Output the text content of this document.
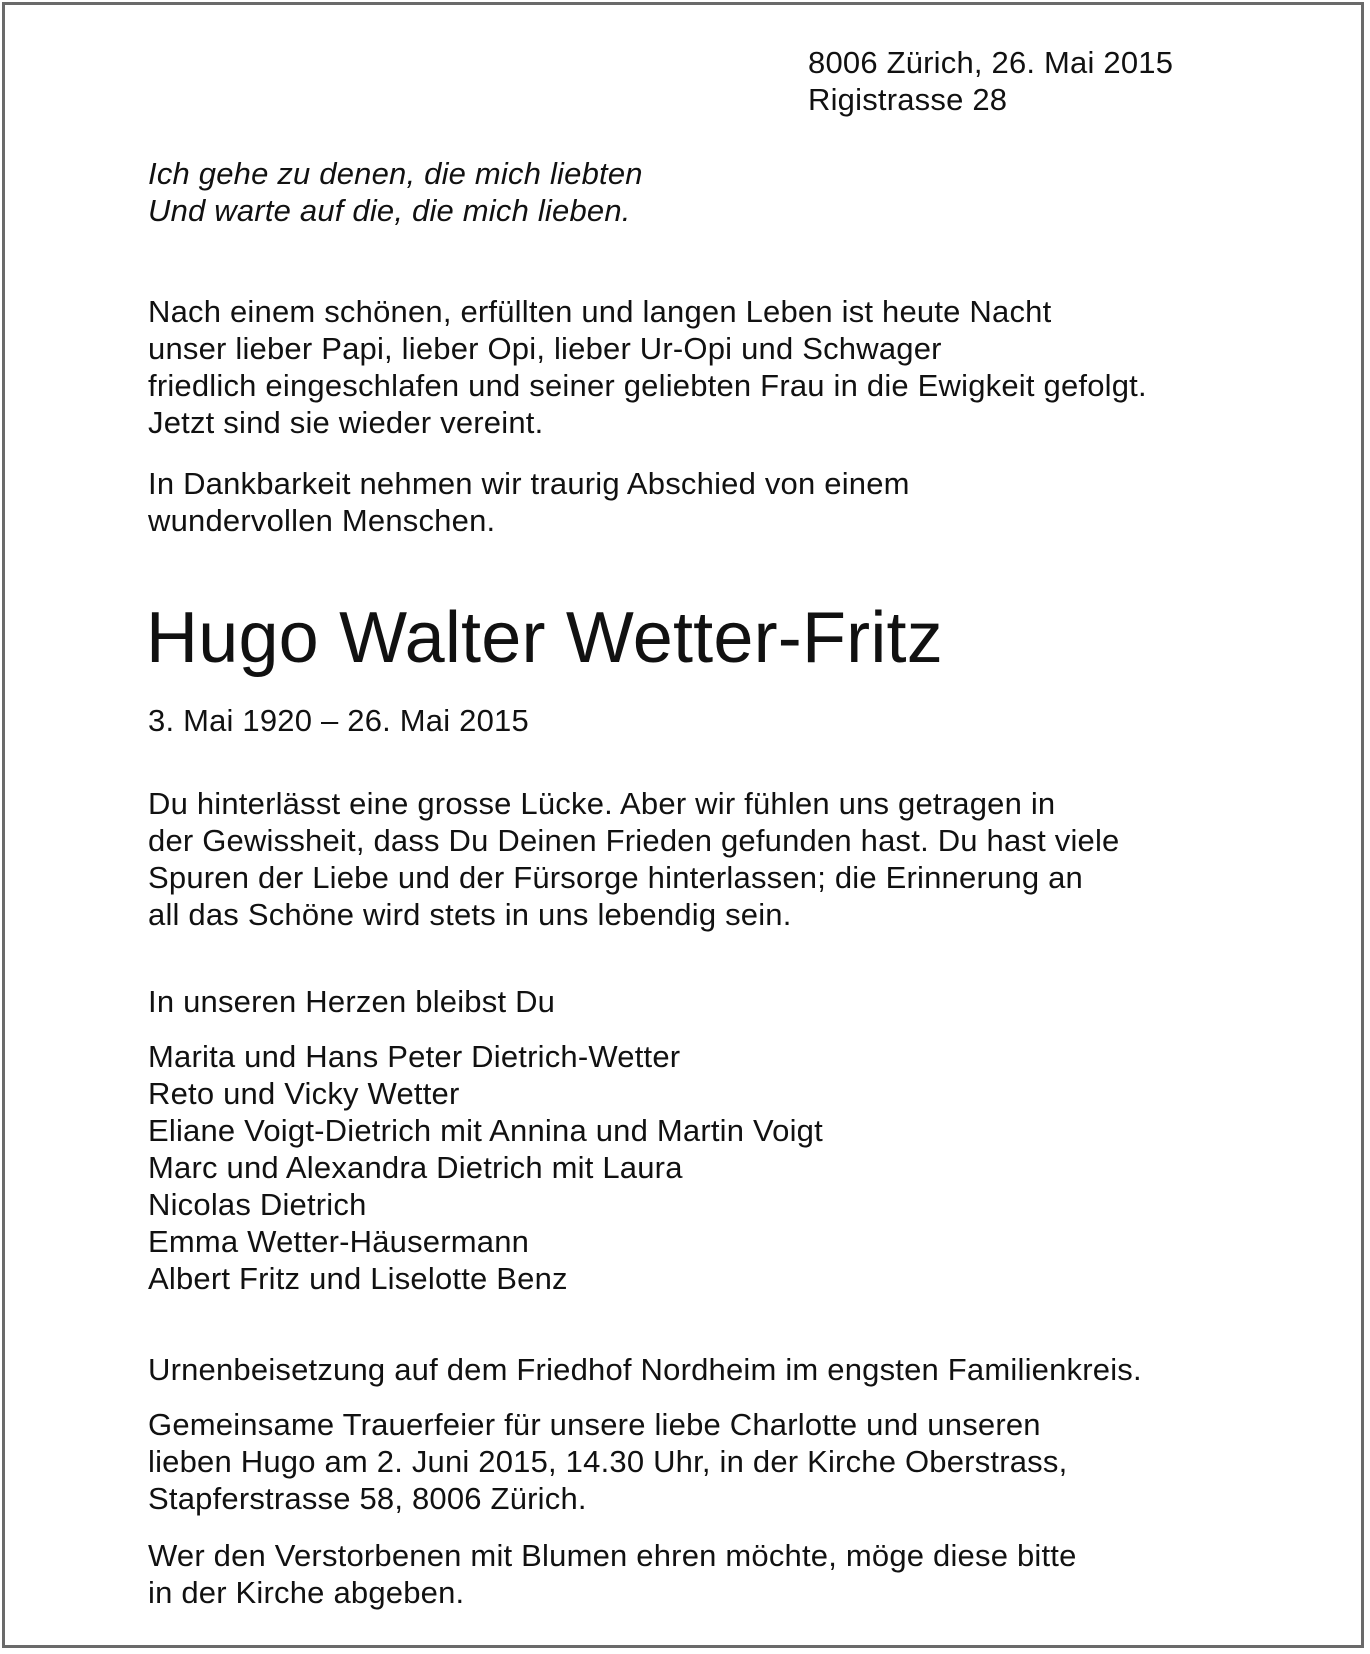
8006 Zürich, 26. Mai 2015
Rigistrasse 28
Ich gehe zu denen, die mich liebten
Und warte auf die, die mich lieben.
Nach einem schönen, erfüllten und langen Leben ist heute Nacht
unser lieber Papi, lieber Opi, lieber Ur-Opi und Schwager
friedlich eingeschlafen und seiner geliebten Frau in die Ewigkeit gefolgt.
Jetzt sind sie wieder vereint.
In Dankbarkeit nehmen wir traurig Abschied von einem
wundervollen Menschen.
Hugo Walter Wetter-Fritz
3. Mai 1920 – 26. Mai 2015
Du hinterlässt eine grosse Lücke. Aber wir fühlen uns getragen in
der Gewissheit, dass Du Deinen Frieden gefunden hast. Du hast viele
Spuren der Liebe und der Fürsorge hinterlassen; die Erinnerung an
all das Schöne wird stets in uns lebendig sein.
In unseren Herzen bleibst Du
Marita und Hans Peter Dietrich-Wetter
Reto und Vicky Wetter
Eliane Voigt-Dietrich mit Annina und Martin Voigt
Marc und Alexandra Dietrich mit Laura
Nicolas Dietrich
Emma Wetter-Häusermann
Albert Fritz und Liselotte Benz
Urnenbeisetzung auf dem Friedhof Nordheim im engsten Familienkreis.
Gemeinsame Trauerfeier für unsere liebe Charlotte und unseren
lieben Hugo am 2. Juni 2015, 14.30 Uhr, in der Kirche Oberstrass,
Stapferstrasse 58, 8006 Zürich.
Wer den Verstorbenen mit Blumen ehren möchte, möge diese bitte
in der Kirche abgeben.
